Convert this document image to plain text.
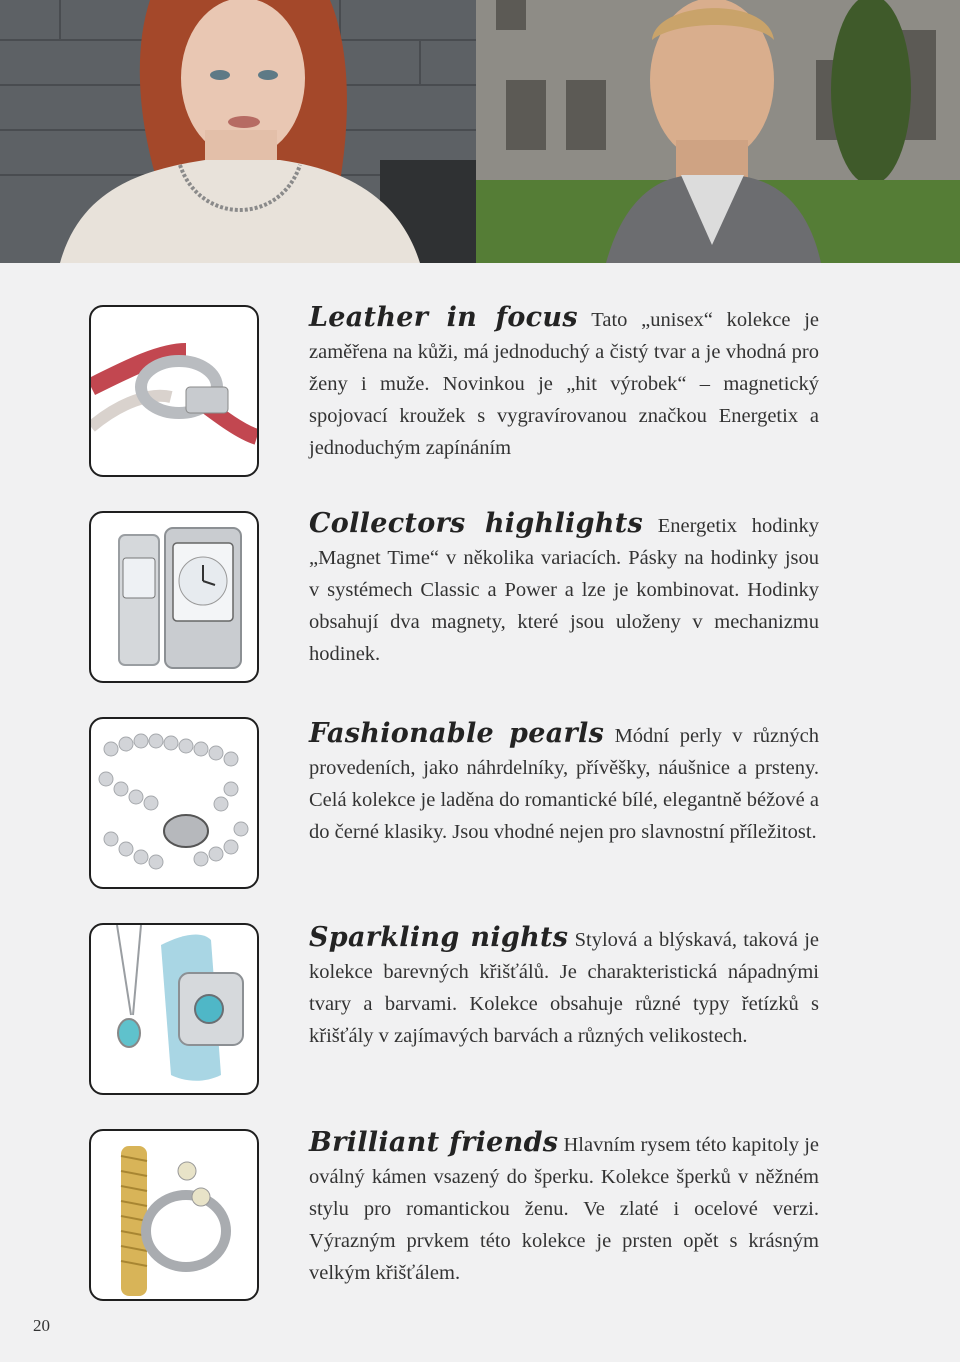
Leather in focus Tato „unisex“ kolekce je zaměřena na kůži, má jednoduchý a čistý tvar a je vhodná pro ženy i muže. Novinkou je „hit výrobek“ – magnetický spojovací kroužek s vygravírovanou značkou Energetix a jednoduchým zapínáním
Collectors highlights Energetix hodinky „Magnet Time“ v několika variacích. Pásky na hodinky jsou v systémech Classic a Power a lze je kombinovat. Hodinky obsahují dva magnety, které jsou uloženy v mechanizmu hodinek.
Fashionable pearls Módní perly v různých provedeních, jako náhrdelníky, přívěšky, náušnice a prsteny. Celá kolekce je laděna do romantické bílé, elegantně béžové a do černé klasiky. Jsou vhodné nejen pro slavnostní příležitost.
Sparkling nights Stylová a blýskavá, taková je kolekce barevných křišťálů. Je charakteristická nápadnými tvary a barvami. Kolekce obsahuje různé typy řetízků s křišťály v zajímavých barvách a různých velikostech.
Brilliant friends Hlavním rysem této kapitoly je oválný kámen vsazený do šperku. Kolekce šperků v něžném stylu pro romantickou ženu. Ve zlaté i ocelové verzi. Výrazným prvkem této kolekce je prsten opět s krásným velkým křišťálem.
20
